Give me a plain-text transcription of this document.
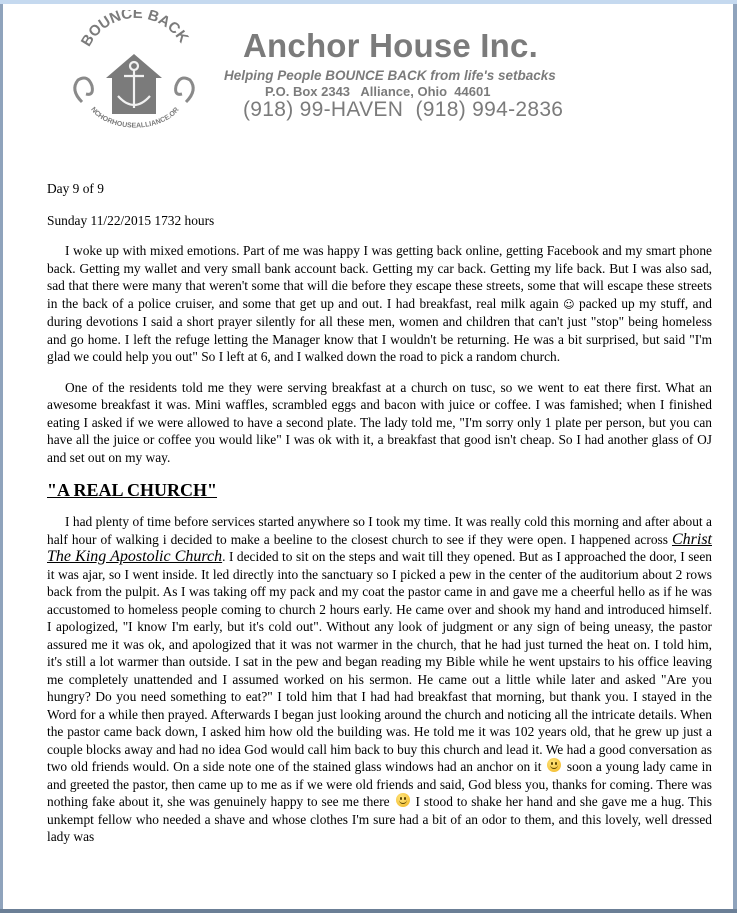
BOUNCE BACK
NCHORHOUSEALLIANCE.OR
Anchor House Inc.
Helping People BOUNCE BACK from life's setbacks
P.O. Box 2343   Alliance, Ohio  44601
(918) 99-HAVEN  (918) 994-2836

Day 9 of 9

Sunday 11/22/2015 1732 hours

I woke up with mixed emotions. Part of me was happy I was getting back online, getting Facebook and my smart phone back. Getting my wallet and very small bank account back. Getting my car back. Getting my life back. But I was also sad, sad that there were many that weren't some that will die before they escape these streets, some that will escape these streets in the back of a police cruiser, and some that get up and out. I had breakfast, real milk again ☺ packed up my stuff, and during devotions I said a short prayer silently for all these men, women and children that can't just "stop" being homeless and go home. I left the refuge letting the Manager know that I wouldn't be returning. He was a bit surprised, but said "I'm glad we could help you out" So I left at 6, and I walked down the road to pick a random church.

One of the residents told me they were serving breakfast at a church on tusc, so we went to eat there first. What an awesome breakfast it was. Mini waffles, scrambled eggs and bacon with juice or coffee. I was famished; when I finished eating I asked if we were allowed to have a second plate. The lady told me, "I'm sorry only 1 plate per person, but you can have all the juice or coffee you would like" I was ok with it, a breakfast that good isn't cheap. So I had another glass of OJ and set out on my way.

"A REAL CHURCH"

I had plenty of time before services started anywhere so I took my time. It was really cold this morning and after about a half hour of walking i decided to make a beeline to the closest church to see if they were open. I happened across Christ The King Apostolic Church. I decided to sit on the steps and wait till they opened. But as I approached the door, I seen it was ajar, so I went inside. It led directly into the sanctuary so I picked a pew in the center of the auditorium about 2 rows back from the pulpit. As I was taking off my pack and my coat the pastor came in and gave me a cheerful hello as if he was accustomed to homeless people coming to church 2 hours early. He came over and shook my hand and introduced himself. I apologized, "I know I'm early, but it's cold out". Without any look of judgment or any sign of being uneasy, the pastor assured me it was ok, and apologized that it was not warmer in the church, that he had just turned the heat on. I told him, it's still a lot warmer than outside. I sat in the pew and began reading my Bible while he went upstairs to his office leaving me completely unattended and I assumed worked on his sermon. He came out a little while later and asked "Are you hungry? Do you need something to eat?" I told him that I had had breakfast that morning, but thank you. I stayed in the Word for a while then prayed. Afterwards I began just looking around the church and noticing all the intricate details. When the pastor came back down, I asked him how old the building was. He told me it was 102 years old, that he grew up just a couple blocks away and had no idea God would call him back to buy this church and lead it. We had a good conversation as two old friends would. On a side note one of the stained glass windows had an anchor on it  soon a young lady came in and greeted the pastor, then came up to me as if we were old friends and said, God bless you, thanks for coming. There was nothing fake about it, she was genuinely happy to see me there  I stood to shake her hand and she gave me a hug. This unkempt fellow who needed a shave and whose clothes I'm sure had a bit of an odor to them, and this lovely, well dressed lady was
